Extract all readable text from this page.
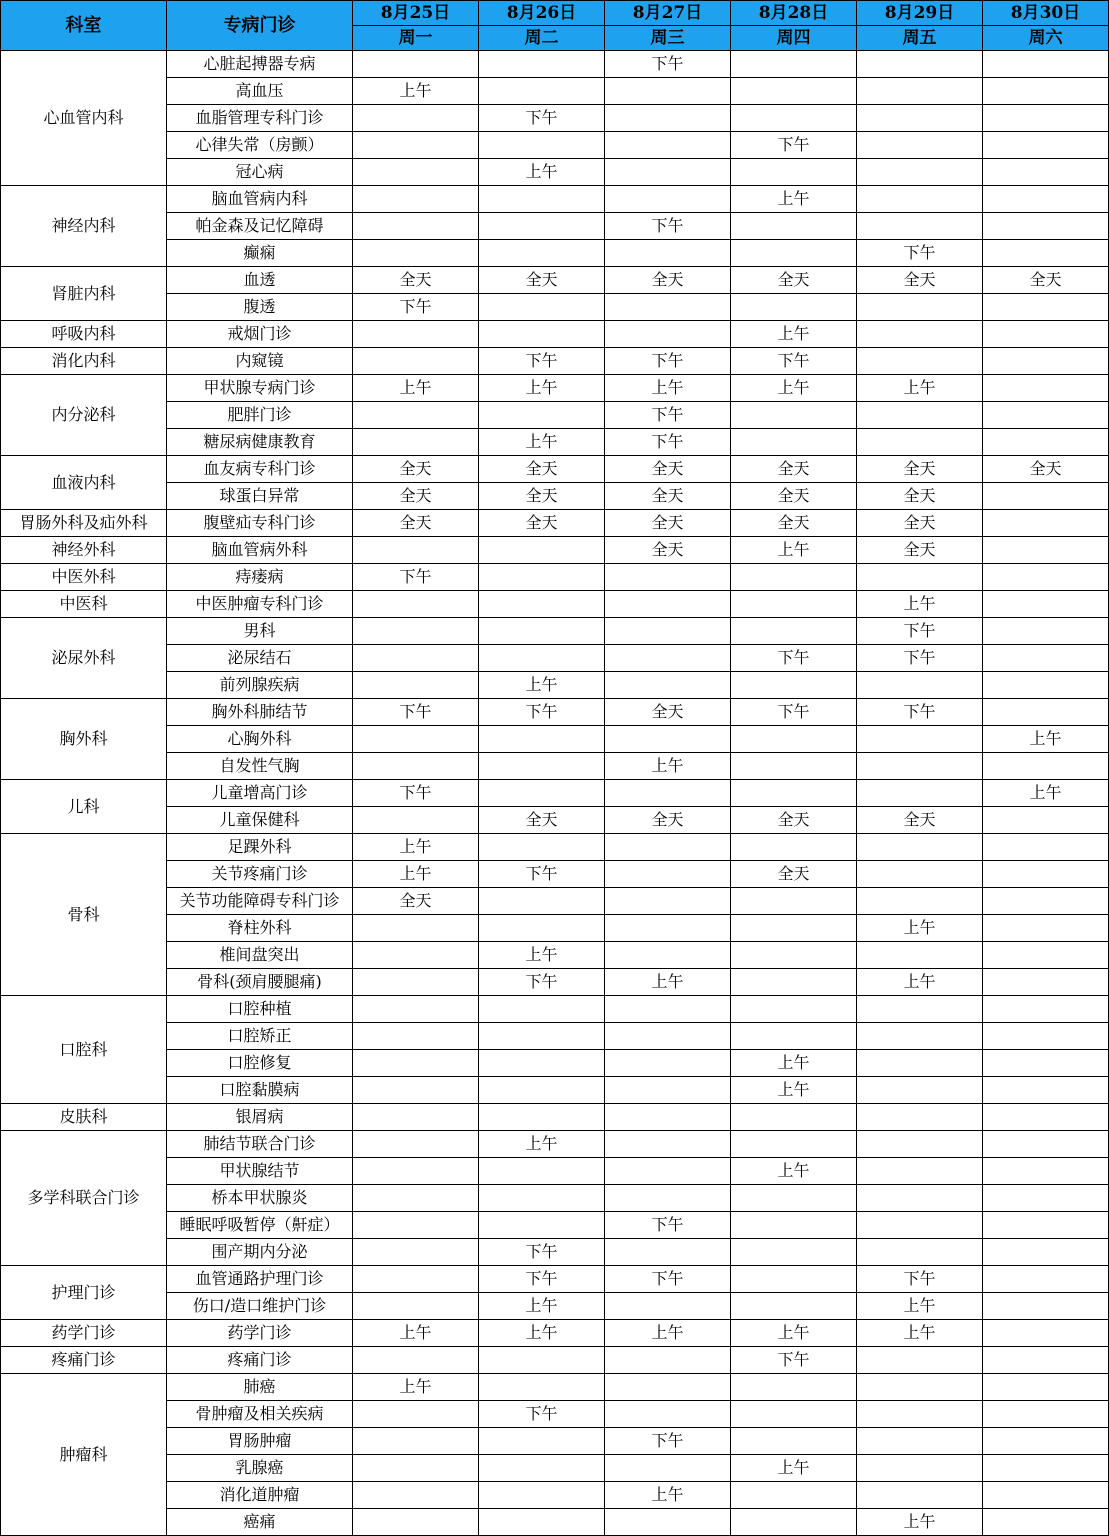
科室	专病门诊	8月25日	8月26日	8月27日	8月28日	8月29日	8月30日
		周一	周二	周三	周四	周五	周六
心血管内科	心脏起搏器专病			下午			
	高血压	上午					
	血脂管理专科门诊		下午				
	心律失常（房颤）				下午		
	冠心病		上午				
神经内科	脑血管病内科				上午		
	帕金森及记忆障碍			下午			
	癫痫					下午	
肾脏内科	血透	全天	全天	全天	全天	全天	全天
	腹透	下午					
呼吸内科	戒烟门诊				上午		
消化内科	内窥镜		下午	下午	下午		
内分泌科	甲状腺专病门诊	上午	上午	上午	上午	上午	
	肥胖门诊			下午			
	糖尿病健康教育		上午	下午			
血液内科	血友病专科门诊	全天	全天	全天	全天	全天	全天
	球蛋白异常	全天	全天	全天	全天	全天	
胃肠外科及疝外科	腹壁疝专科门诊	全天	全天	全天	全天	全天	
神经外科	脑血管病外科			全天	上午	全天	
中医外科	痔瘘病	下午					
中医科	中医肿瘤专科门诊					上午	
泌尿外科	男科					下午	
	泌尿结石				下午	下午	
	前列腺疾病		上午				
胸外科	胸外科肺结节	下午	下午	全天	下午	下午	
	心胸外科						上午
	自发性气胸			上午			
儿科	儿童增高门诊	下午					上午
	儿童保健科		全天	全天	全天	全天	
骨科	足踝外科	上午					
	关节疼痛门诊	上午	下午		全天		
	关节功能障碍专科门诊	全天					
	脊柱外科					上午	
	椎间盘突出		上午				
	骨科(颈肩腰腿痛)		下午	上午		上午	
口腔科	口腔种植						
	口腔矫正						
	口腔修复				上午		
	口腔黏膜病				上午		
皮肤科	银屑病						
多学科联合门诊	肺结节联合门诊		上午				
	甲状腺结节				上午		
	桥本甲状腺炎						
	睡眠呼吸暂停（鼾症）			下午			
	围产期内分泌		下午				
护理门诊	血管通路护理门诊		下午	下午		下午	
	伤口/造口维护门诊		上午			上午	
药学门诊	药学门诊	上午	上午	上午	上午	上午	
疼痛门诊	疼痛门诊				下午		
肿瘤科	肺癌	上午					
	骨肿瘤及相关疾病		下午				
	胃肠肿瘤			下午			
	乳腺癌				上午		
	消化道肿瘤			上午			
	癌痛					上午	
